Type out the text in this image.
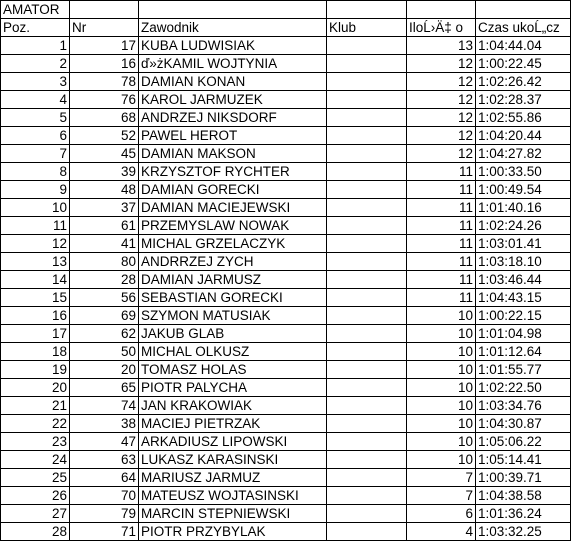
AMATOR					
Poz.	Nr	Zawodnik	Klub	IloĹ›Ä‡ o	Czas ukoĹ„cz
1	17	KUBA LUDWISIAK		13	1:04:44.04
2	16	ď»żKAMIL WOJTYNIA		12	1:00:22.45
3	78	DAMIAN KONAN		12	1:02:26.42
4	76	KAROL JARMUZEK		12	1:02:28.37
5	68	ANDRZEJ NIKSDORF		12	1:02:55.86
6	52	PAWEL HEROT		12	1:04:20.44
7	45	DAMIAN MAKSON		12	1:04:27.82
8	39	KRZYSZTOF RYCHTER		11	1:00:33.50
9	48	DAMIAN GORECKI		11	1:00:49.54
10	37	DAMIAN MACIEJEWSKI		11	1:01:40.16
11	61	PRZEMYSLAW NOWAK		11	1:02:24.26
12	41	MICHAL GRZELACZYK		11	1:03:01.41
13	80	ANDRRZEJ ZYCH		11	1:03:18.10
14	28	DAMIAN JARMUSZ		11	1:03:46.44
15	56	SEBASTIAN GORECKI		11	1:04:43.15
16	69	SZYMON MATUSIAK		10	1:00:22.15
17	62	JAKUB GLAB		10	1:01:04.98
18	50	MICHAL OLKUSZ		10	1:01:12.64
19	20	TOMASZ HOLAS		10	1:01:55.77
20	65	PIOTR PALYCHA		10	1:02:22.50
21	74	JAN KRAKOWIAK		10	1:03:34.76
22	38	MACIEJ PIETRZAK		10	1:04:30.87
23	47	ARKADIUSZ LIPOWSKI		10	1:05:06.22
24	63	LUKASZ KARASINSKI		10	1:05:14.41
25	64	MARIUSZ JARMUZ		7	1:00:39.71
26	70	MATEUSZ WOJTASINSKI		7	1:04:38.58
27	79	MARCIN STEPNIEWSKI		6	1:01:36.24
28	71	PIOTR PRZYBYLAK		4	1:03:32.25
